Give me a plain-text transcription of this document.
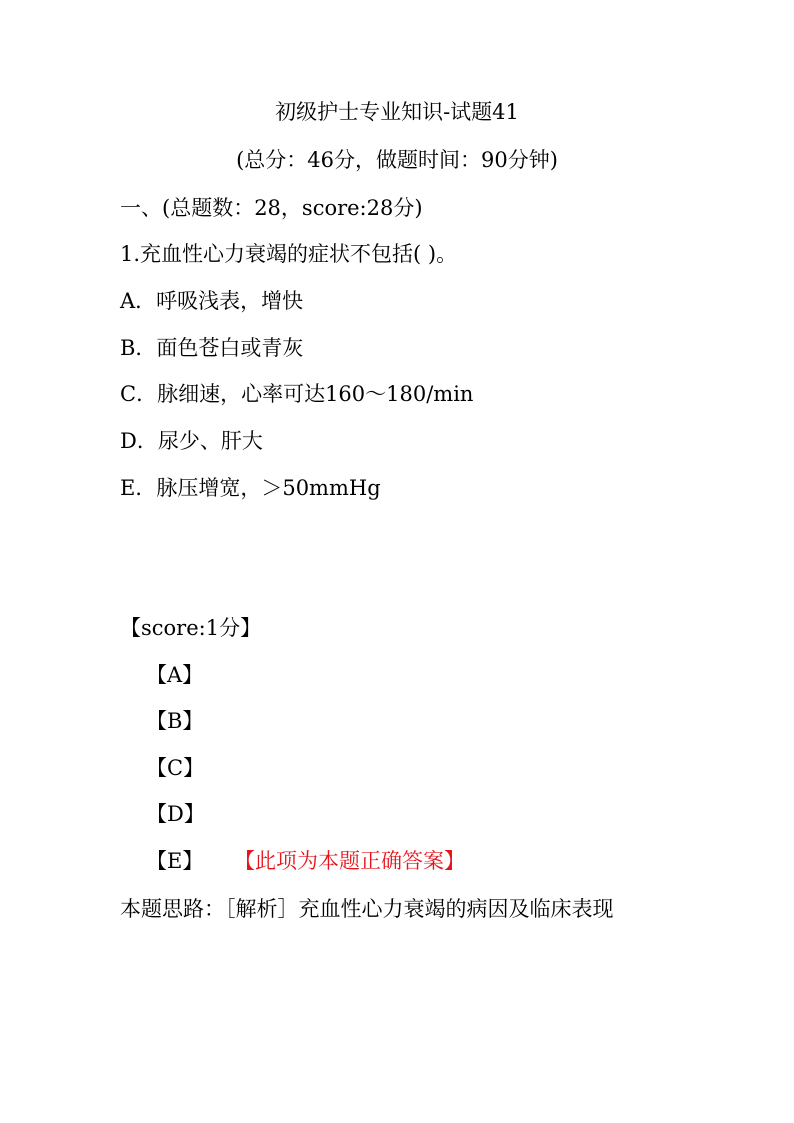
初级护士专业知识-试题41
(总分：46分，做题时间：90分钟)
一、(总题数：28，score:28分)
1.充血性心力衰竭的症状不包括( )。
A．呼吸浅表，增快
B．面色苍白或青灰
C．脉细速，心率可达160～180/min
D．尿少、肝大
E．脉压增宽，＞50mmHg
【score:1分】
【A】
【B】
【C】
【D】
【E】 【此项为本题正确答案】
本题思路：［解析］充血性心力衰竭的病因及临床表现
